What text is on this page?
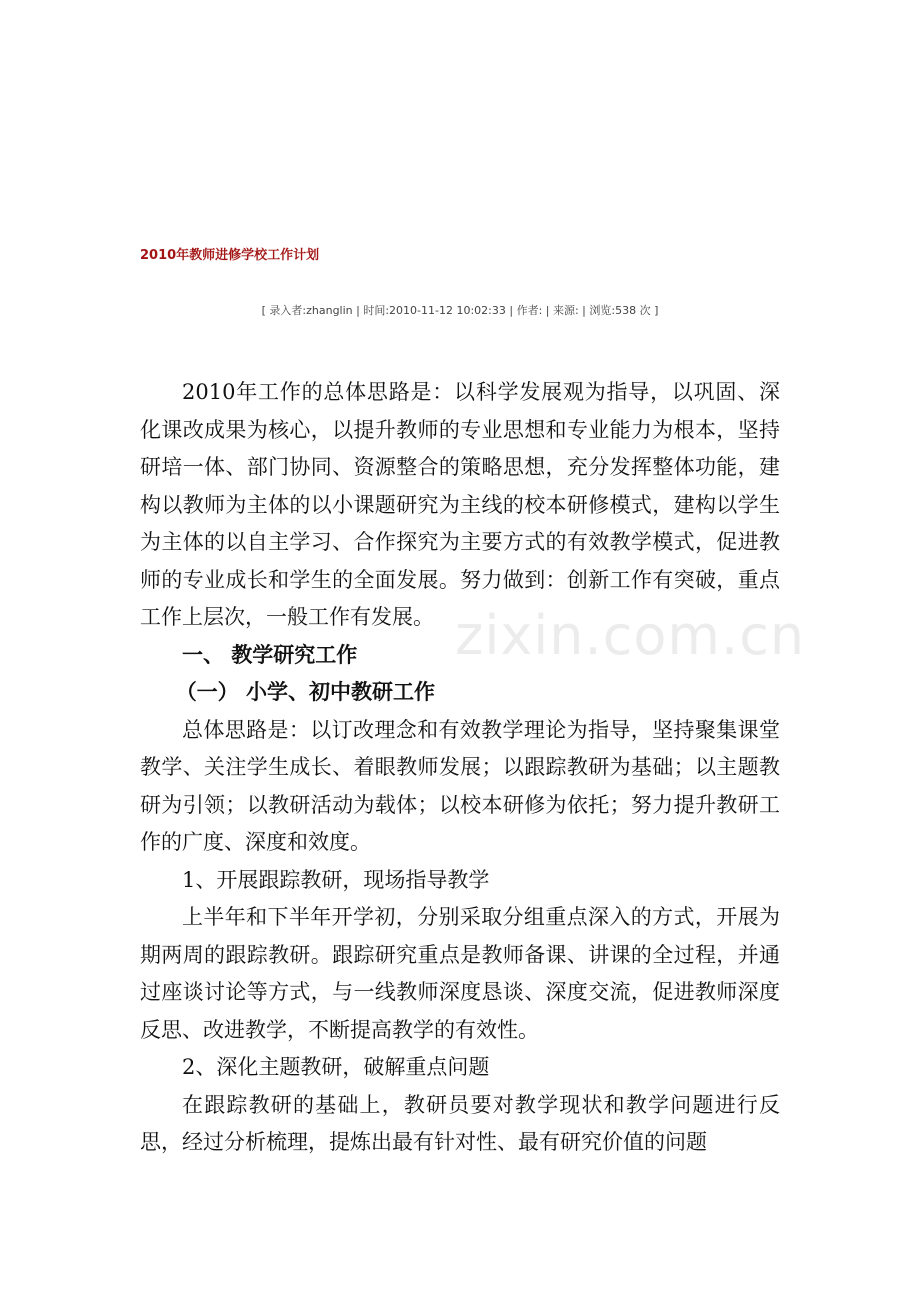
2010年教师进修学校工作计划
[ 录入者:zhanglin | 时间:2010-11-12 10:02:33 | 作者: | 来源: | 浏览:538 次 ]

2010年工作的总体思路是：以科学发展观为指导，以巩固、深化课改成果为核心，以提升教师的专业思想和专业能力为根本，坚持研培一体、部门协同、资源整合的策略思想，充分发挥整体功能，建构以教师为主体的以小课题研究为主线的校本研修模式，建构以学生为主体的以自主学习、合作探究为主要方式的有效教学模式，促进教师的专业成长和学生的全面发展。努力做到：创新工作有突破，重点工作上层次，一般工作有发展。

一、 教学研究工作

（一） 小学、初中教研工作

总体思路是：以订改理念和有效教学理论为指导，坚持聚集课堂教学、关注学生成长、着眼教师发展；以跟踪教研为基础；以主题教研为引领；以教研活动为载体；以校本研修为依托；努力提升教研工作的广度、深度和效度。

1、开展跟踪教研，现场指导教学

上半年和下半年开学初，分别采取分组重点深入的方式，开展为期两周的跟踪教研。跟踪研究重点是教师备课、讲课的全过程，并通过座谈讨论等方式，与一线教师深度恳谈、深度交流，促进教师深度反思、改进教学，不断提高教学的有效性。

2、深化主题教研，破解重点问题

在跟踪教研的基础上，教研员要对教学现状和教学问题进行反思，经过分析梳理，提炼出最有针对性、最有研究价值的问题

zixin.com.cn
